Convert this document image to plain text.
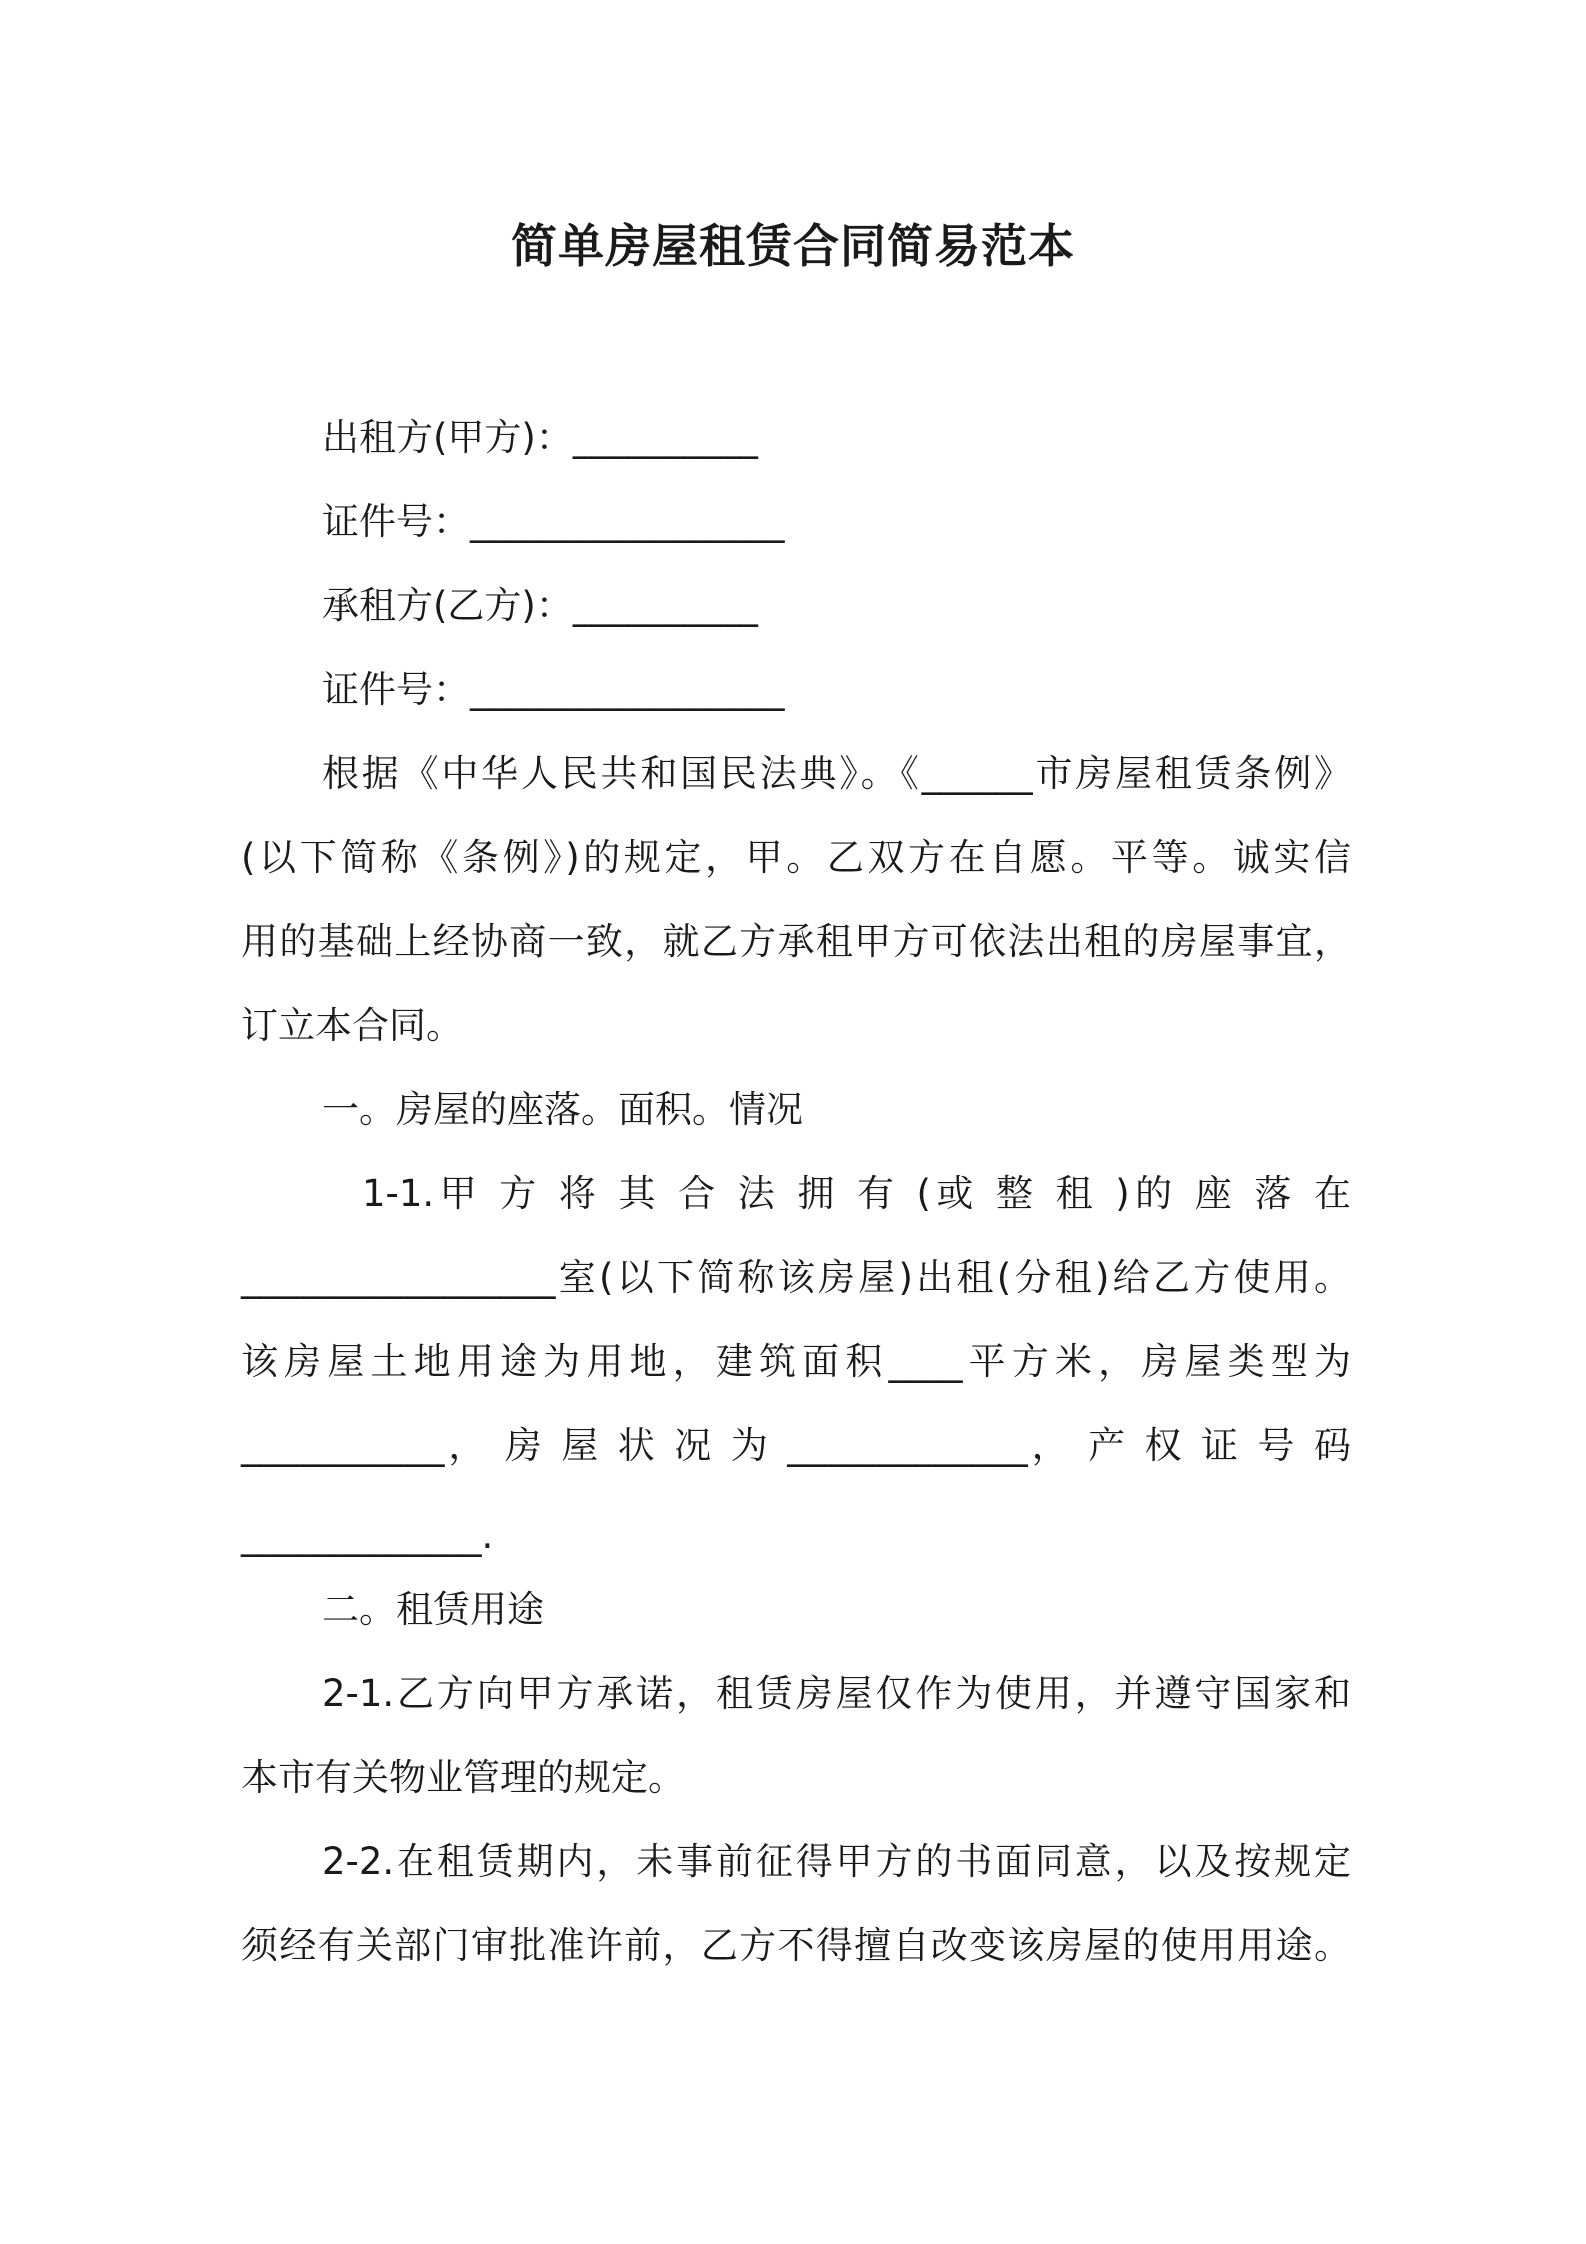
简单房屋租赁合同简易范本
出租方(甲方)：__________
证件号：_________________
承租方(乙方)：__________
证件号：_________________
根据《中华人民共和国民法典》。《______市房屋租赁条例》
(以下简称《条例》)的规定，甲。乙双方在自愿。平等。诚实信
用的基础上经协商一致，就乙方承租甲方可依法出租的房屋事宜，
订立本合同。
一。房屋的座落。面积。情况
1-1.甲 方 将 其 合 法 拥 有 (或 整 租 )的 座 落 在
_________________室(以下简称该房屋)出租(分租)给乙方使用。
该房屋土地用途为用地，建筑面积____平方米，房屋类型为
___________， 房 屋 状 况 为 _____________， 产 权 证 号 码
_____________.
二。租赁用途
2-1.乙方向甲方承诺，租赁房屋仅作为使用，并遵守国家和
本市有关物业管理的规定。
2-2.在租赁期内，未事前征得甲方的书面同意，以及按规定
须经有关部门审批准许前，乙方不得擅自改变该房屋的使用用途。
